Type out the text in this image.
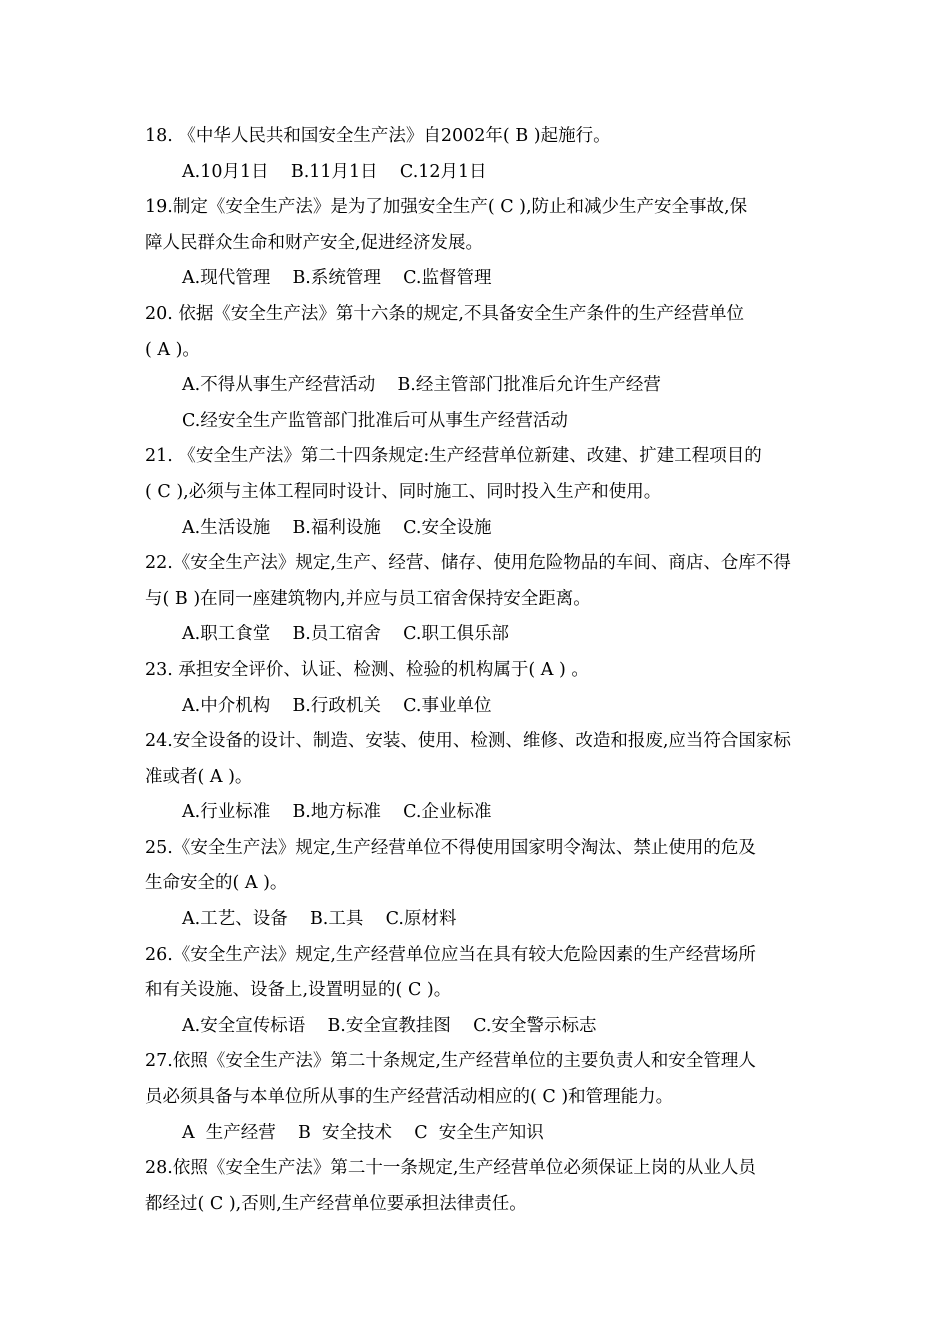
18. 《中华人民共和国安全生产法》自2002年( B )起施行。
A.10月1日    B.11月1日    C.12月1日
19.制定《安全生产法》是为了加强安全生产( C ),防止和减少生产安全事故,保
障人民群众生命和财产安全,促进经济发展。
A.现代管理    B.系统管理    C.监督管理
20. 依据《安全生产法》第十六条的规定,不具备安全生产条件的生产经营单位
( A )。
A.不得从事生产经营活动    B.经主管部门批准后允许生产经营
C.经安全生产监管部门批准后可从事生产经营活动
21. 《安全生产法》第二十四条规定:生产经营单位新建、改建、扩建工程项目的
( C ),必须与主体工程同时设计、同时施工、同时投入生产和使用。
A.生活设施    B.福利设施    C.安全设施
22.《安全生产法》规定,生产、经营、储存、使用危险物品的车间、商店、仓库不得
与( B )在同一座建筑物内,并应与员工宿舍保持安全距离。
A.职工食堂    B.员工宿舍    C.职工俱乐部
23. 承担安全评价、认证、检测、检验的机构属于( A ) 。
A.中介机构    B.行政机关    C.事业单位
24.安全设备的设计、制造、安装、使用、检测、维修、改造和报废,应当符合国家标
准或者( A )。
A.行业标准    B.地方标准    C.企业标准
25.《安全生产法》规定,生产经营单位不得使用国家明令淘汰、禁止使用的危及
生命安全的( A )。
A.工艺、设备    B.工具    C.原材料
26.《安全生产法》规定,生产经营单位应当在具有较大危险因素的生产经营场所
和有关设施、设备上,设置明显的( C )。
A.安全宣传标语    B.安全宣教挂图    C.安全警示标志
27.依照《安全生产法》第二十条规定,生产经营单位的主要负责人和安全管理人
员必须具备与本单位所从事的生产经营活动相应的( C )和管理能力。
A  生产经营    B  安全技术    C  安全生产知识
28.依照《安全生产法》第二十一条规定,生产经营单位必须保证上岗的从业人员
都经过( C ),否则,生产经营单位要承担法律责任。
